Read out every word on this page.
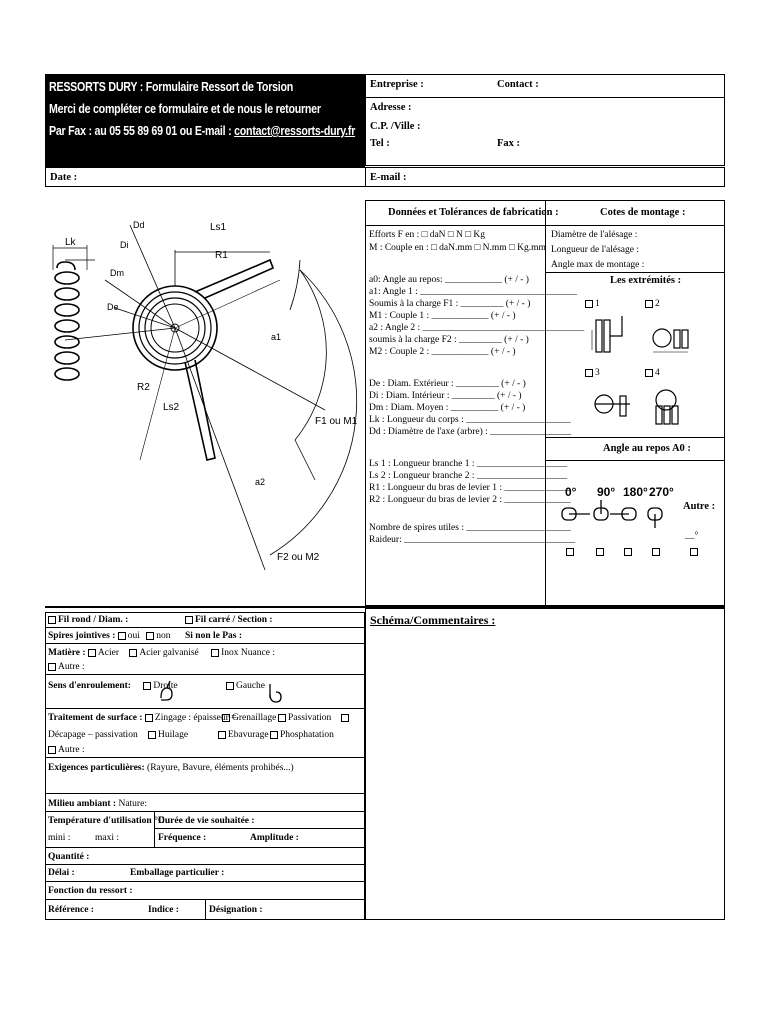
RESSORTS DURY : Formulaire Ressort de Torsion
Merci de compléter ce formulaire et de nous le retourner
Par Fax : au 05 55 89 69 01 ou E-mail : contact@ressorts-dury.fr
Entreprise :	Contact :
Adresse :
C.P. /Ville :
Tel :	Fax :
Date :	E-mail :
Lk
Ls1
R1
Dd
Di
Dm
De
a1
R2
Ls2
a2
F1 ou M1
F2 ou M2
Données et Tolérances de fabrication :	Cotes de montage :
Efforts F en : □ daN □ N □ Kg
M : Couple en : □ daN.mm □ N.mm □ Kg.mm
a0: Angle au repos: ____________ (+ / - )
a1: Angle 1 : _________________________________
Soumis à la charge F1 : _________ (+ / - )
M1 : Couple 1 : ____________ (+ / - )
a2 : Angle 2 : __________________________________
soumis à la charge F2 : _________ (+ / - )
M2 : Couple 2 : ____________ (+ / - )
De : Diam. Extérieur : _________ (+ / - )
Di : Diam. Intérieur : _________ (+ / - )
Dm : Diam. Moyen : __________ (+ / - )
Lk : Longueur du corps : ______________________
Dd : Diamètre de l'axe (arbre) : _________________
Ls 1 : Longueur branche 1 : ___________________
Ls 2 : Longueur branche 2 : ___________________
R1 : Longueur du bras de levier 1 : ______________
R2 : Longueur du bras de levier 2 : ______________
Nombre de spires utiles : ______________________
Raideur: ____________________________________
Diamètre de l'alésage :
Longueur de l'alésage :
Angle max de montage :
Les extrémités :
1	2
3	4
Angle au repos A0 :
0° 90° 180° 270°
Autre :
__°
Fil rond / Diam. :	Fil carré / Section :
Spires jointives : oui non Si non le Pas :
Matière : Acier Acier galvanisé Inox Nuance :
Autre :
Sens d'enroulement: Droite	Gauche
Traitement de surface : Zingage : épaisseur =
Grenaillage	Passivation
Décapage – passivation	Huilage	Ebavurage	Phosphatation
Autre :
Exigences particulières: (Rayure, Bavure, éléments prohibés...)
Milieu ambiant : Nature:
Température d'utilisation °C :
Durée de vie souhaitée :
mini :	maxi :	Fréquence :	Amplitude :
Quantité :
Délai :	Emballage particulier :
Fonction du ressort :
Référence :	Indice :	Désignation :
Schéma/Commentaires :
